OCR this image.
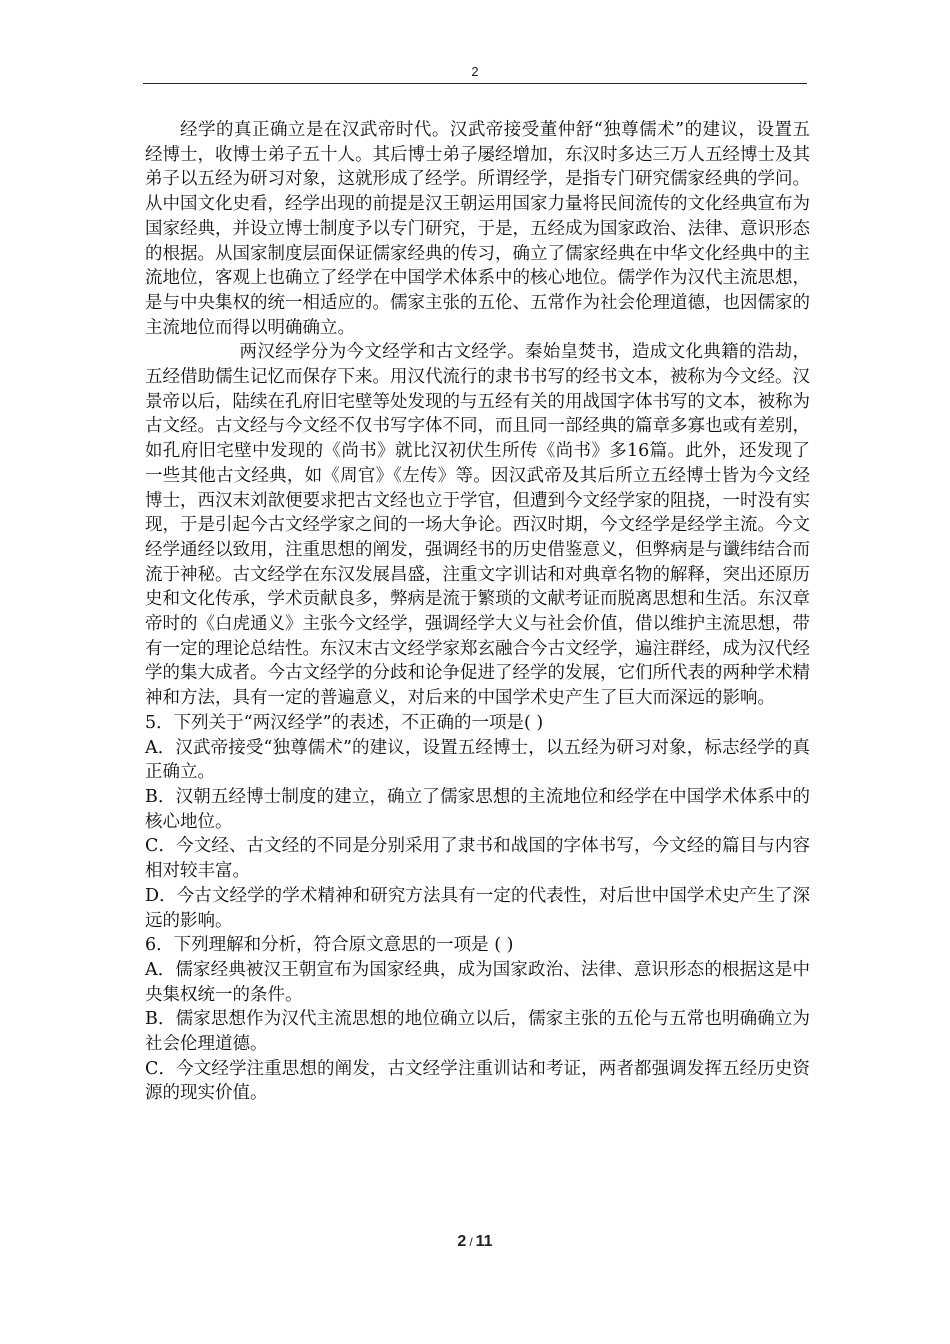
2

经学的真正确立是在汉武帝时代。汉武帝接受董仲舒“独尊儒术”的建议，设置五经博士，收博士弟子五十人。其后博士弟子屡经增加，东汉时多达三万人五经博士及其弟子以五经为研习对象，这就形成了经学。所谓经学，是指专门研究儒家经典的学问。从中国文化史看，经学出现的前提是汉王朝运用国家力量将民间流传的文化经典宣布为国家经典，并设立博士制度予以专门研究，于是，五经成为国家政治、法律、意识形态的根据。从国家制度层面保证儒家经典的传习，确立了儒家经典在中华文化经典中的主流地位，客观上也确立了经学在中国学术体系中的核心地位。儒学作为汉代主流思想，是与中央集权的统一相适应的。儒家主张的五伦、五常作为社会伦理道德，也因儒家的主流地位而得以明确确立。

两汉经学分为今文经学和古文经学。秦始皇焚书，造成文化典籍的浩劫，五经借助儒生记忆而保存下来。用汉代流行的隶书书写的经书文本，被称为今文经。汉景帝以后，陆续在孔府旧宅壁等处发现的与五经有关的用战国字体书写的文本，被称为古文经。古文经与今文经不仅书写字体不同，而且同一部经典的篇章多寡也或有差别，如孔府旧宅壁中发现的《尚书》就比汉初伏生所传《尚书》多16篇。此外，还发现了一些其他古文经典，如《周官》《左传》等。因汉武帝及其后所立五经博士皆为今文经博士，西汉末刘歆便要求把古文经也立于学官，但遭到今文经学家的阻挠，一时没有实现，于是引起今古文经学家之间的一场大争论。西汉时期，今文经学是经学主流。今文经学通经以致用，注重思想的阐发，强调经书的历史借鉴意义，但弊病是与谶纬结合而流于神秘。古文经学在东汉发展昌盛，注重文字训诂和对典章名物的解释，突出还原历史和文化传承，学术贡献良多，弊病是流于繁琐的文献考证而脱离思想和生活。东汉章帝时的《白虎通义》主张今文经学，强调经学大义与社会价值，借以维护主流思想，带有一定的理论总结性。东汉末古文经学家郑玄融合今古文经学，遍注群经，成为汉代经学的集大成者。今古文经学的分歧和论争促进了经学的发展，它们所代表的两种学术精神和方法，具有一定的普遍意义，对后来的中国学术史产生了巨大而深远的影响。

5．下列关于“两汉经学”的表述，不正确的一项是( )

A．汉武帝接受“独尊儒术”的建议，设置五经博士，以五经为研习对象，标志经学的真正确立。

B．汉朝五经博士制度的建立，确立了儒家思想的主流地位和经学在中国学术体系中的核心地位。

C．今文经、古文经的不同是分别采用了隶书和战国的字体书写，今文经的篇目与内容相对较丰富。

D．今古文经学的学术精神和研究方法具有一定的代表性，对后世中国学术史产生了深远的影响。

6．下列理解和分析，符合原文意思的一项是 ( )

A．儒家经典被汉王朝宣布为国家经典，成为国家政治、法律、意识形态的根据这是中央集权统一的条件。

B．儒家思想作为汉代主流思想的地位确立以后，儒家主张的五伦与五常也明确确立为社会伦理道德。

C．今文经学注重思想的阐发，古文经学注重训诂和考证，两者都强调发挥五经历史资源的现实价值。

2 / 11
